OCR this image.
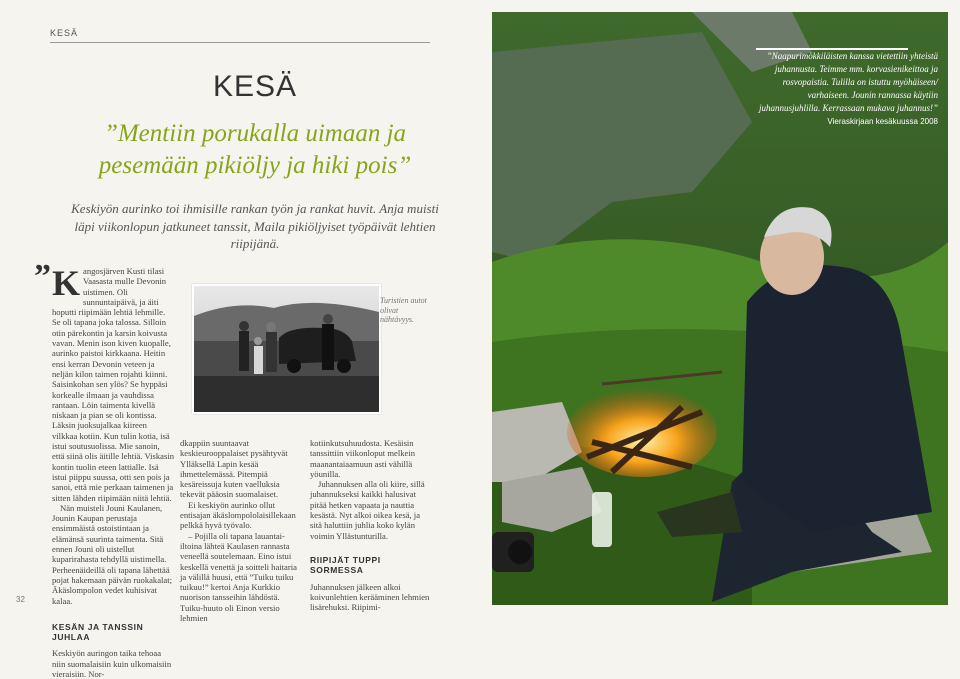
KESÄ
KESÄ
”Mentiin porukalla uimaan ja pesemään pikiöljy ja hiki pois”
Keskiyön aurinko toi ihmisille rankan työn ja rankat huvit. Anja muisti läpi viikonlopun jatkuneet tanssit, Maila pikiöljyiset työpäivät lehtien riipijänä.
” K angosjärven Kusti tilasi Vaasasta mulle Devonin uistimen. Oli sunnuntaipäivä, ja äiti hoputti riipimään lehtiä lehmille. Se oli tapana joka talossa. Silloin otin pärekontin ja karsin koivusta vavan. Menin ison kiven kuopalle, aurinko paistoi kirkkaana. Heitin ensi kerran Devonin veteen ja neljän kilon taimen rojahti kiinni. Saisinkohan sen ylös? Se hyppäsi korkealle ilmaan ja vauhdissa rantaan. Löin taimenta kivellä niskaan ja pian se oli kontissa. Läksin juoksujalkaa kiireen vilkkaa kotiin. Kun tulin kotia, isä istui soutusuolissa. Mie sanoin, että siinä olis äitille lehtiä. Viskasin kontin tuolin eteen lattialle. Isä istui piippu suussa, otti sen pois ja sanoi, että mie perkaan taimenen ja sitten lähden riipimään niitä lehtiä.
Nän muisteli Jouni Kaulanen, Jounin Kaupan perustaja ensimmäistä ostoistintaan ja elämänsä suurinta taimenta. Sitä ennen Jouni oli uistellut kuparirahasta tehdyllä uistimella. Perheenäideillä oli tapana lähettää pojat hakemaan päivän ruokakalat; Äkäslompolon vedet kuhisivat kalaa.
KESÄN JA TANSSIN JUHLAA
Keskiyön auringon taika tehoaa niin suomalaisiin kuin ulkomaisiin vieraisiin. Nor-
Turistien autot olivat nähtävyys.
dkappiin suuntaavat keskieurooppalaiset pysähtyvät Ylläksellä Lapin kesää ihmettelemässä. Pitempiä kesäreissuja kuten vaelluksia tekevät pääosin suomalaiset.
Ei keskiyön aurinko ollut entisajan äkäslompololaisillekaan pelkkä hyvä työvalo.
– Pojilla oli tapana lauantai-iltoina lähteä Kaulasen rannasta veneellä soutelemaan. Eino istui keskellä venettä ja soitteli haitaria ja välillä huusi, että ”Tuiku tuiku tuikuu!” kertoi Anja Kurkkio nuorison tansseihin lähdöstä. Tuiku-huuto oli Einon versio lehmien
kotiinkutsuhuudosta. Kesäisin tanssittiin viikonloput melkein maanantaiaamuun asti vähillä yöunilla.
Juhannuksen alla oli kiire, sillä juhannukseksi kaikki halusivat pitää hetken vapaata ja nauttia kesästä. Nyt alkoi oikea kesä, ja sitä haluttiin juhlia koko kylän voimin Yllästunturilla.
RIIPIJÄT TUPPI SORMESSA
Juhannuksen jälkeen alkoi koivunlehtien kerääminen lehmien lisärehuksi. Riipimi-
”Naapurimökkiläisten kanssa vietettiin yhteistä juhannusta. Teimme mm. korvasienikeittoa ja rosvopaistia. Tulilla on istuttu myöhäiseen/ varhaiseen. Jounin rannassa käytiin juhannusjuhlilla. Kerrassaan mukava juhannus!” Vieraskirjaan kesäkuussa 2008
32
